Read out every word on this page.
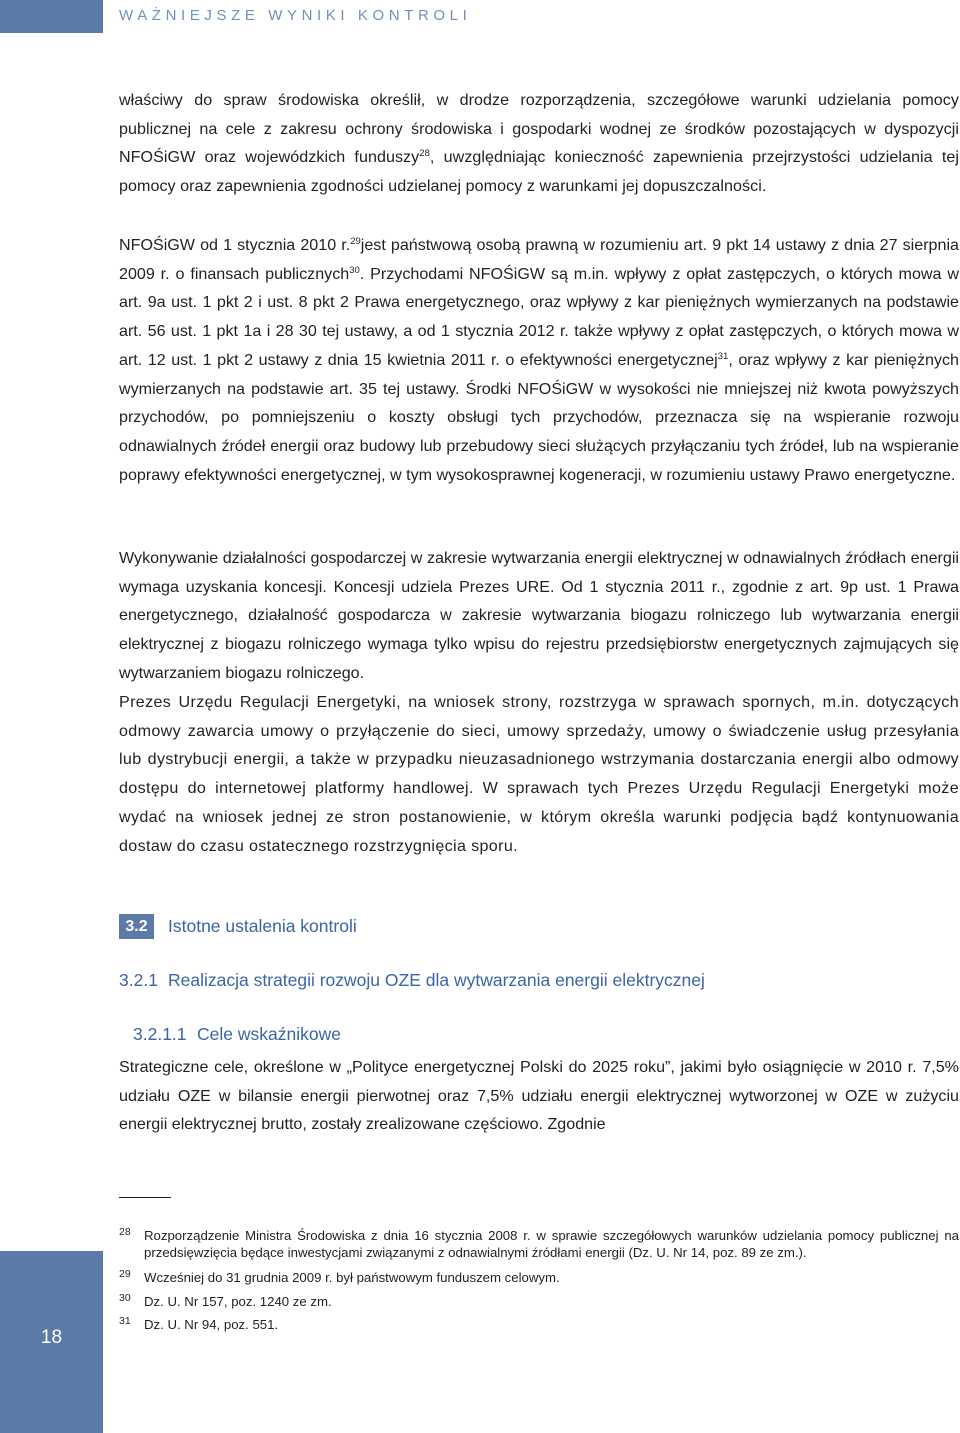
WAŻNIEJSZE WYNIKI KONTROLI

właściwy do spraw środowiska określił, w drodze rozporządzenia, szczegółowe warunki udzielania pomocy publicznej na cele z zakresu ochrony środowiska i gospodarki wodnej ze środków pozostających w dyspozycji NFOŚiGW oraz wojewódzkich funduszy$^{28}$, uwzględniając konieczność zapewnienia przejrzystości udzielania tej pomocy oraz zapewnienia zgodności udzielanej pomocy z warunkami jej dopuszczalności.

NFOŚiGW od 1 stycznia 2010 r.$^{29}$jest państwową osobą prawną w rozumieniu art. 9 pkt 14 ustawy z dnia 27 sierpnia 2009 r. o finansach publicznych$^{30}$. Przychodami NFOŚiGW są m.in. wpływy z opłat zastępczych, o których mowa w art. 9a ust. 1 pkt 2 i ust. 8 pkt 2 Prawa energetycznego, oraz wpływy z kar pieniężnych wymierzanych na podstawie art. 56 ust. 1 pkt 1a i 28 30 tej ustawy, a od 1 stycznia 2012 r. także wpływy z opłat zastępczych, o których mowa w art. 12 ust. 1 pkt 2 ustawy z dnia 15 kwietnia 2011 r. o efektywności energetycznej$^{31}$, oraz wpływy z kar pieniężnych wymierzanych na podstawie art. 35 tej ustawy. Środki NFOŚiGW w wysokości nie mniejszej niż kwota powyższych przychodów, po pomniejszeniu o koszty obsługi tych przychodów, przeznacza się na wspieranie rozwoju odnawialnych źródeł energii oraz budowy lub przebudowy sieci służących przyłączaniu tych źródeł, lub na wspieranie poprawy efektywności energetycznej, w tym wysokosprawnej kogeneracji, w rozumieniu ustawy Prawo energetyczne.

Wykonywanie działalności gospodarczej w zakresie wytwarzania energii elektrycznej w odnawialnych źródłach energii wymaga uzyskania koncesji. Koncesji udziela Prezes URE. Od 1 stycznia 2011 r., zgodnie z art. 9p ust. 1 Prawa energetycznego, działalność gospodarcza w zakresie wytwarzania biogazu rolniczego lub wytwarzania energii elektrycznej z biogazu rolniczego wymaga tylko wpisu do rejestru przedsiębiorstw energetycznych zajmujących się wytwarzaniem biogazu rolniczego.

Prezes Urzędu Regulacji Energetyki, na wniosek strony, rozstrzyga w sprawach spornych, m.in. dotyczących odmowy zawarcia umowy o przyłączenie do sieci, umowy sprzedaży, umowy o świadczenie usług przesyłania lub dystrybucji energii, a także w przypadku nieuzasadnionego wstrzymania dostarczania energii albo odmowy dostępu do internetowej platformy handlowej. W sprawach tych Prezes Urzędu Regulacji Energetyki może wydać na wniosek jednej ze stron postanowienie, w którym określa warunki podjęcia bądź kontynuowania dostaw do czasu ostatecznego rozstrzygnięcia sporu.

3.2	Istotne ustalenia kontroli
3.2.1 Realizacja strategii rozwoju OZE dla wytwarzania energii elektrycznej
3.2.1.1 Cele wskaźnikowe

Strategiczne cele, określone w „Polityce energetycznej Polski do 2025 roku”, jakimi było osiągnięcie w 2010 r. 7,5% udziału OZE w bilansie energii pierwotnej oraz 7,5% udziału energii elektrycznej wytworzonej w OZE w zużyciu energii elektrycznej brutto, zostały zrealizowane częściowo. Zgodnie

28 Rozporządzenie Ministra Środowiska z dnia 16 stycznia 2008 r. w sprawie szczegółowych warunków udzielania pomocy publicznej na przedsięwzięcia będące inwestycjami związanymi z odnawialnymi źródłami energii (Dz. U. Nr 14, poz. 89 ze zm.).
29 Wcześniej do 31 grudnia 2009 r. był państwowym funduszem celowym.
30 Dz. U. Nr 157, poz. 1240 ze zm.
31 Dz. U. Nr 94, poz. 551.
18
